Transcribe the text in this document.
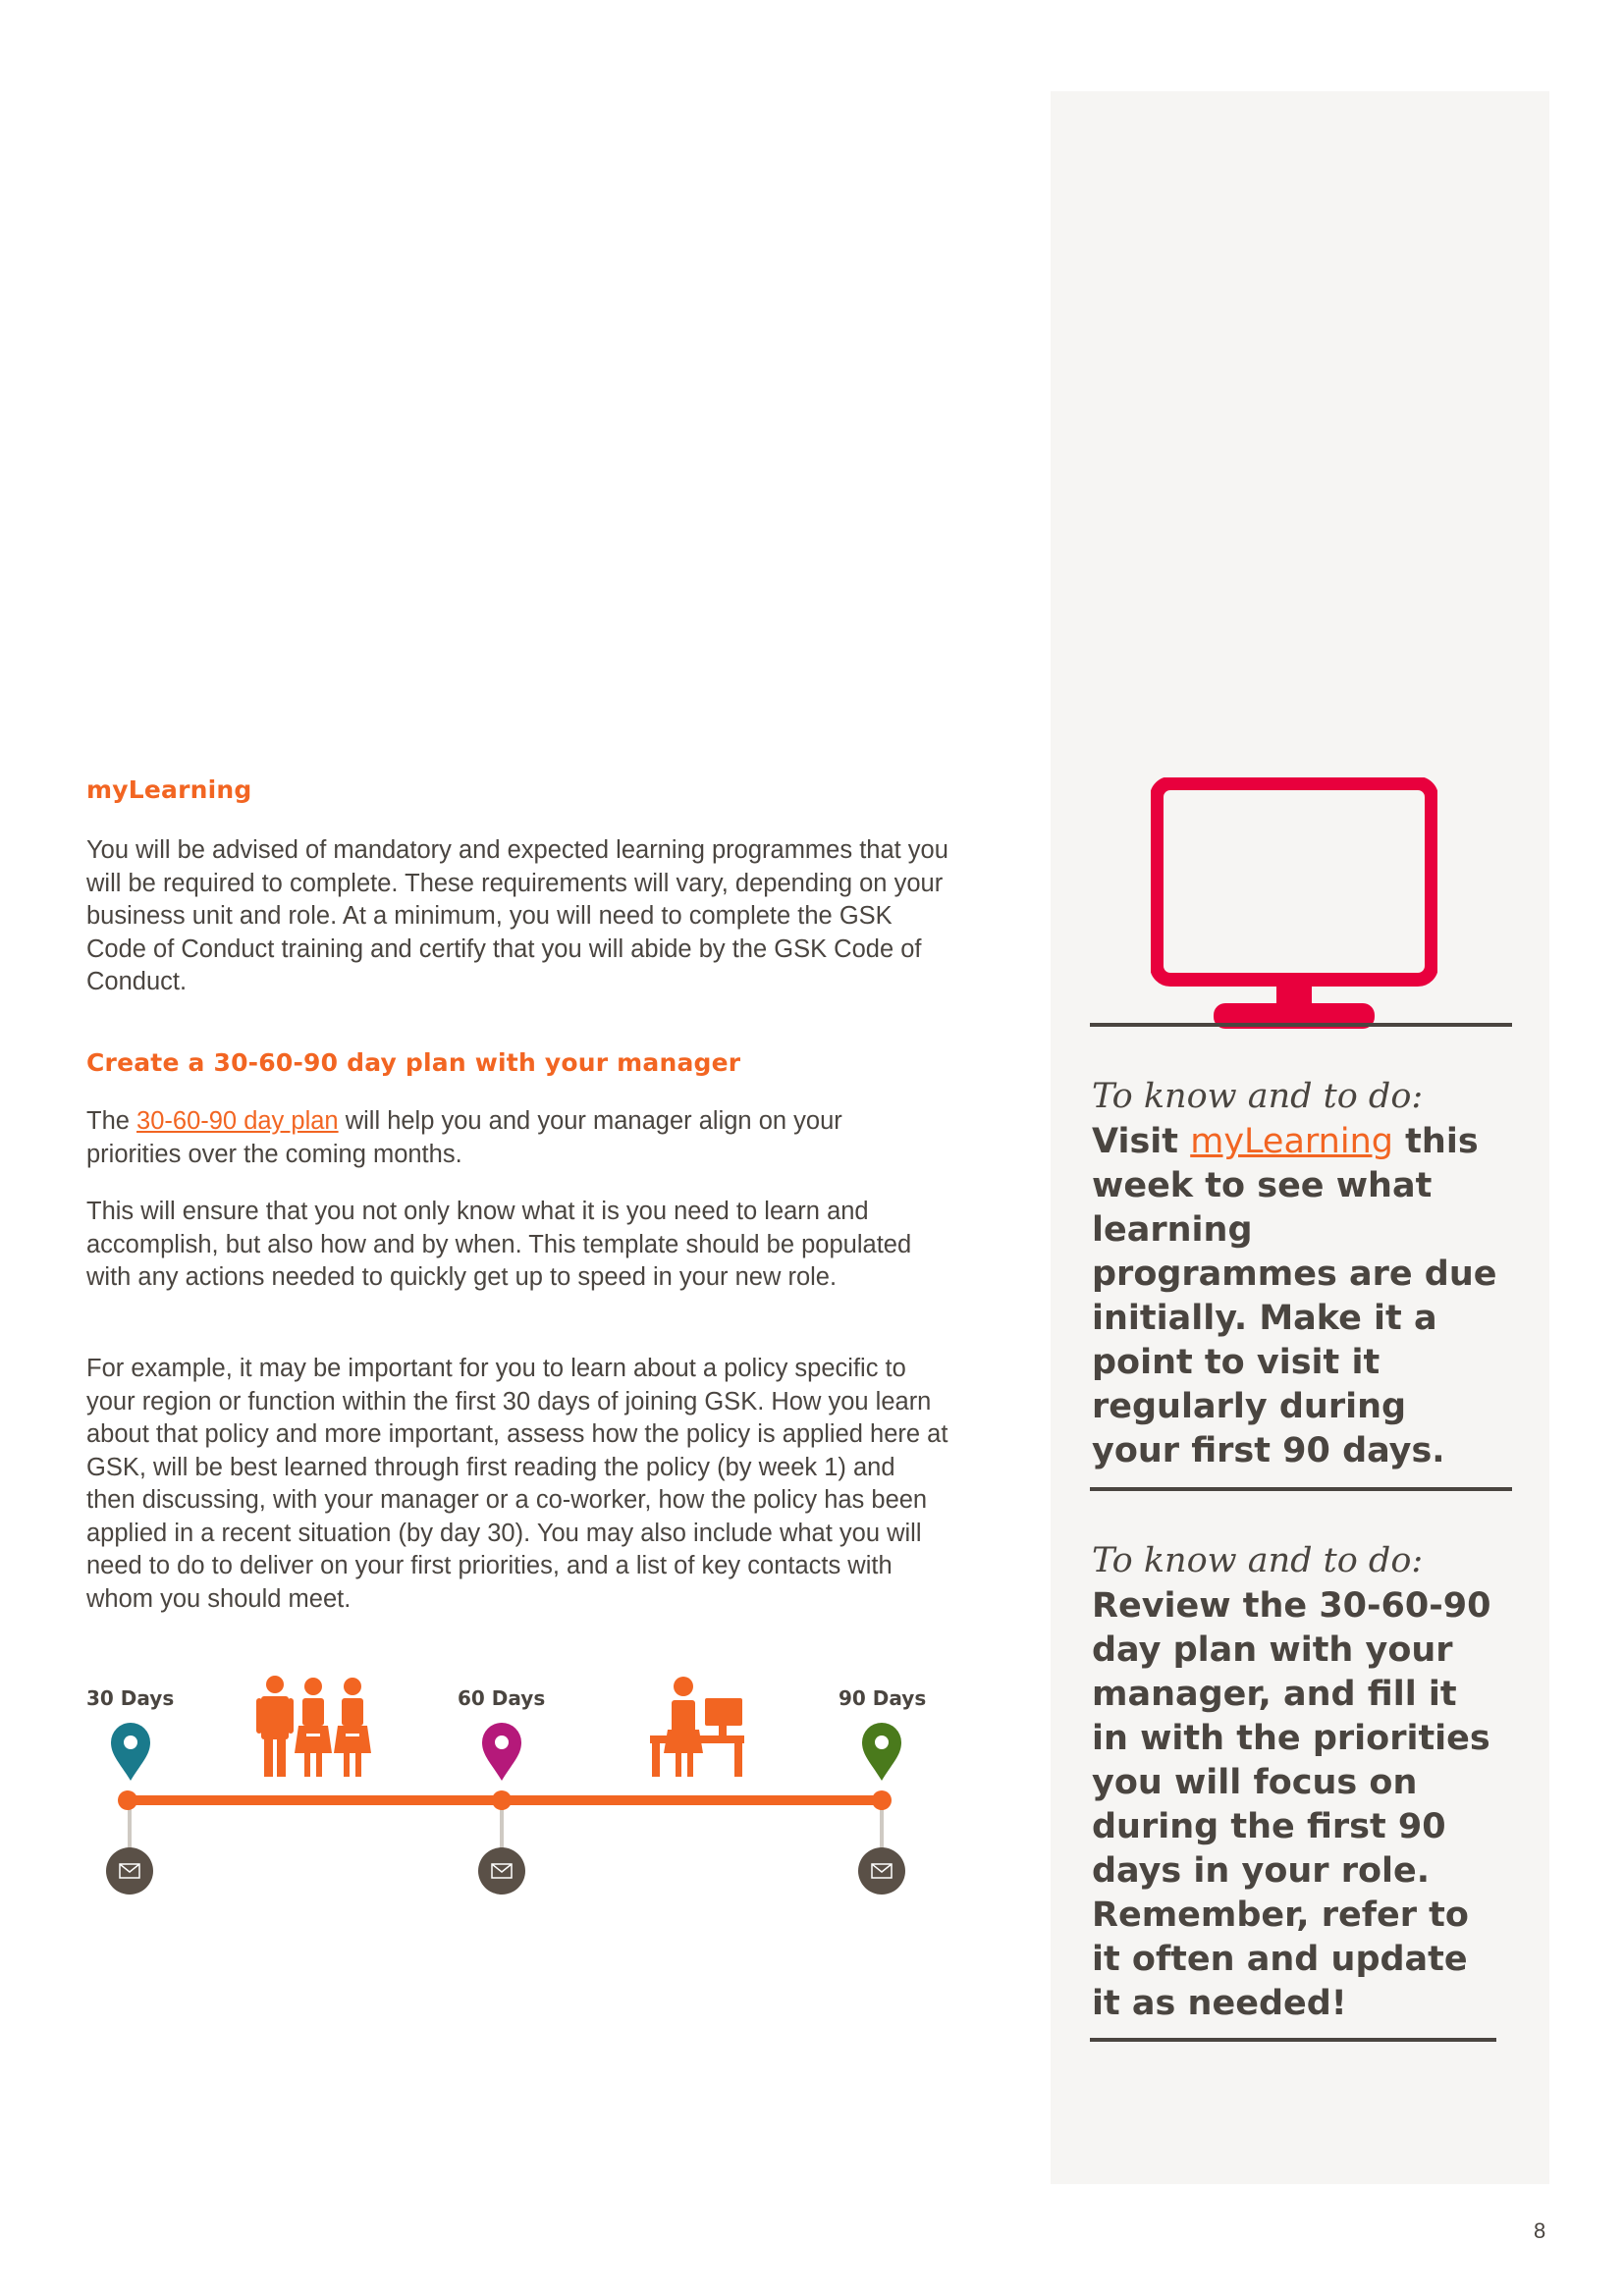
myLearning

You will be advised of mandatory and expected learning programmes that you will be required to complete. These requirements will vary, depending on your business unit and role. At a minimum, you will need to complete the GSK Code of Conduct training and certify that you will abide by the GSK Code of Conduct.

Create a 30-60-90 day plan with your manager

The 30-60-90 day plan will help you and your manager align on your priorities over the coming months.

This will ensure that you not only know what it is you need to learn and accomplish, but also how and by when. This template should be populated with any actions needed to quickly get up to speed in your new role.

For example, it may be important for you to learn about a policy specific to your region or function within the first 30 days of joining GSK. How you learn about that policy and more important, assess how the policy is applied here at GSK, will be best learned through first reading the policy (by week 1) and then discussing, with your manager or a co-worker, how the policy has been applied in a recent situation (by day 30). You may also include what you will need to do to deliver on your first priorities, and a list of key contacts with whom you should meet.

30 Days	60 Days	90 Days
To know and to do:

Visit myLearning this week to see what learning programmes are due initially. Make it a point to visit it regularly during your first 90 days.

To know and to do:

Review the 30-60-90 day plan with your manager, and fill it in with the priorities you will focus on during the first 90 days in your role. Remember, refer to it often and update it as needed!

8
